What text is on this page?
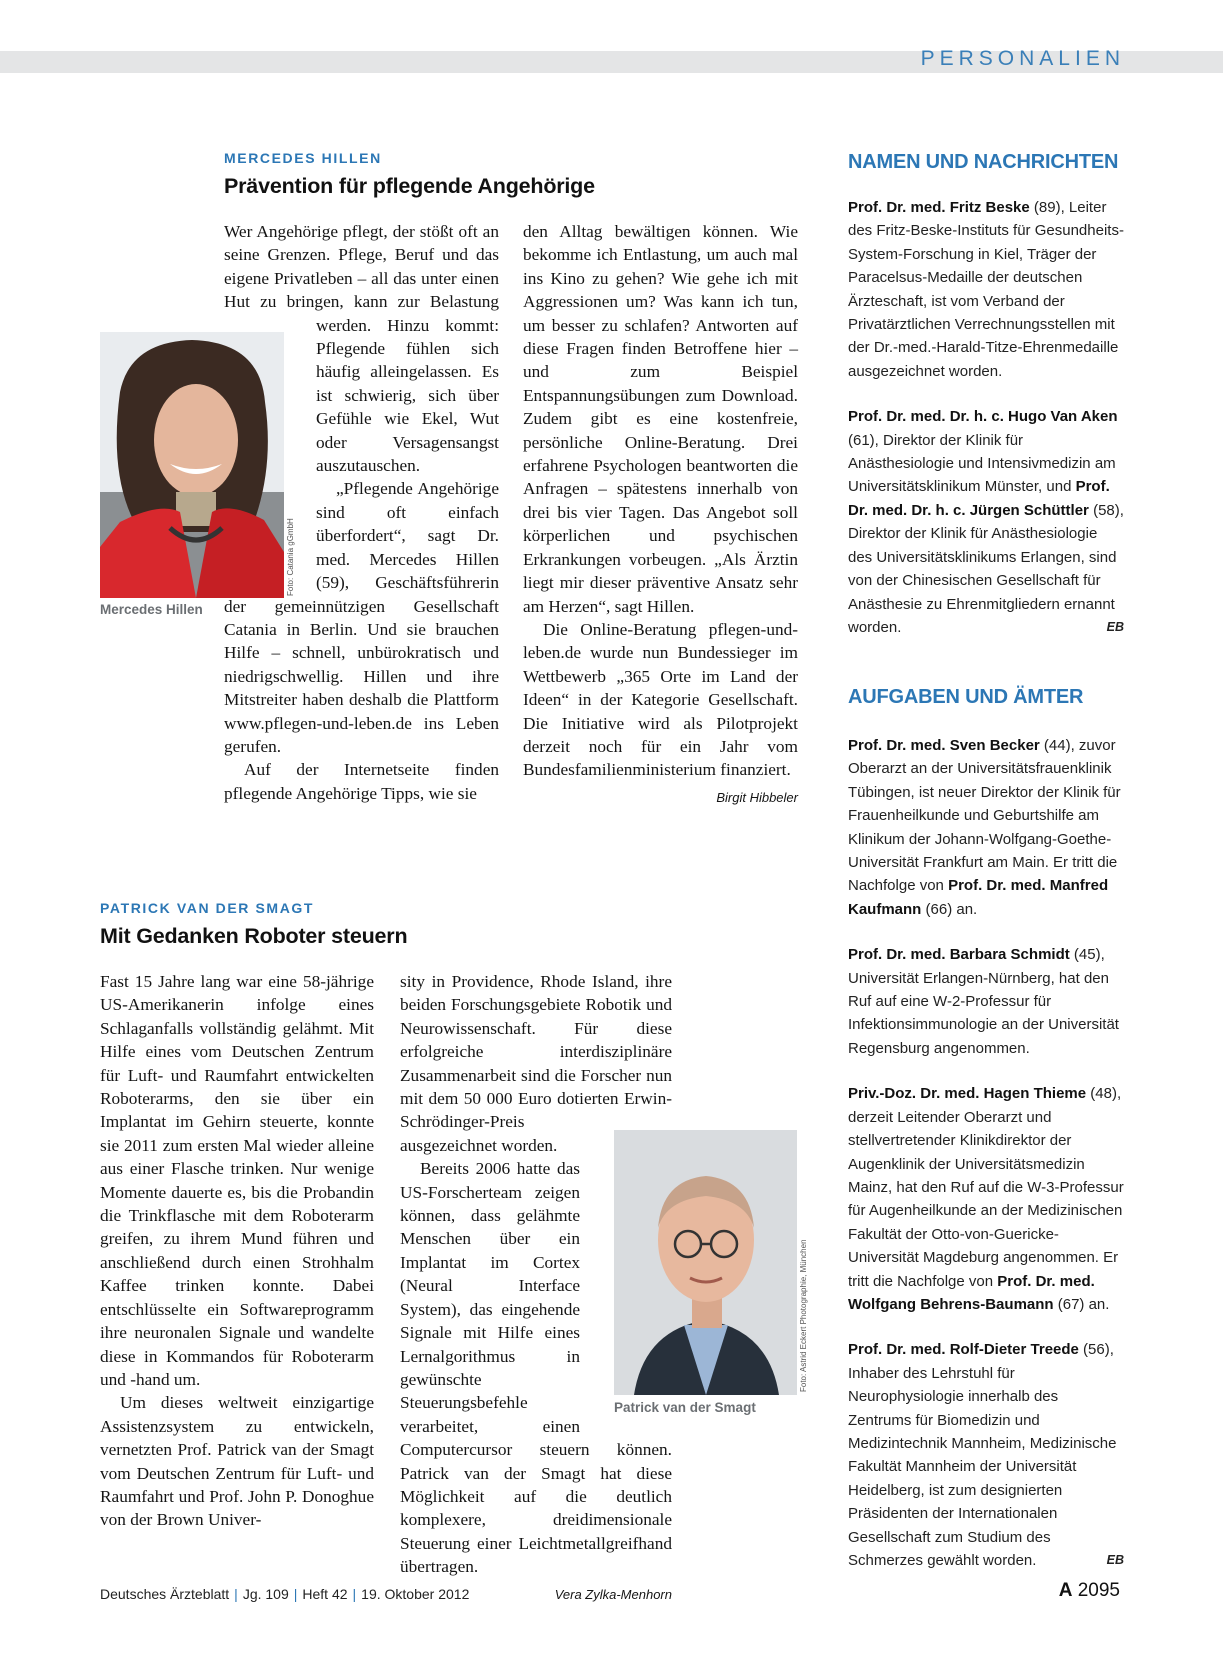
PERSONALIEN
MERCEDES HILLEN
Prävention für pflegende Angehörige
Foto: Catania gGmbH
Mercedes Hillen

Wer Angehörige pflegt, der stößt oft an seine Grenzen. Pflege, Beruf und das eigene Privatleben – all das unter einen Hut zu bringen, kann zur Belastung werden. Hinzu kommt: Pflegende fühlen sich häufig alleingelassen. Es ist schwierig, sich über Gefühle wie Ekel, Wut oder Versagensangst auszutauschen.

„Pflegende Angehörige sind oft einfach überfordert“, sagt Dr. med. Mercedes Hillen (59), Geschäftsführerin der gemeinnützigen Gesellschaft Catania in Berlin. Und sie brauchen Hilfe – schnell, unbürokratisch und niedrigschwellig. Hillen und ihre Mitstreiter haben deshalb die Plattform www.pflegen-und-leben.de ins Leben gerufen.

Auf der Internetseite finden pflegende Angehörige Tipps, wie sie

den Alltag bewältigen können. Wie bekomme ich Entlastung, um auch mal ins Kino zu gehen? Wie gehe ich mit Aggressionen um? Was kann ich tun, um besser zu schlafen? Antworten auf diese Fragen finden Betroffene hier – und zum Beispiel Entspannungsübungen zum Download. Zudem gibt es eine kostenfreie, persönliche Online-Beratung. Drei erfahrene Psychologen beantworten die Anfragen – spätestens innerhalb von drei bis vier Tagen. Das Angebot soll körperlichen und psychischen Erkrankungen vorbeugen. „Als Ärztin liegt mir dieser präventive Ansatz sehr am Herzen“, sagt Hillen.

Die Online-Beratung pflegen-und-leben.de wurde nun Bundessieger im Wettbewerb „365 Orte im Land der Ideen“ in der Kategorie Gesellschaft. Die Initiative wird als Pilotprojekt derzeit noch für ein Jahr vom Bundesfamilienministerium finanziert.

Birgit Hibbeler
PATRICK VAN DER SMAGT
Mit Gedanken Roboter steuern

Fast 15 Jahre lang war eine 58-jährige US-Amerikanerin infolge eines Schlaganfalls vollständig gelähmt. Mit Hilfe eines vom Deutschen Zentrum für Luft- und Raumfahrt entwickelten Roboterarms, den sie über ein Implantat im Gehirn steuerte, konnte sie 2011 zum ersten Mal wieder alleine aus einer Flasche trinken. Nur wenige Momente dauerte es, bis die Probandin die Trinkflasche mit dem Roboterarm greifen, zu ihrem Mund führen und anschließend durch einen Strohhalm Kaffee trinken konnte. Dabei entschlüsselte ein Softwareprogramm ihre neuronalen Signale und wandelte diese in Kommandos für Roboterarm und -hand um.

Um dieses weltweit einzigartige Assistenzsystem zu entwickeln, vernetzten Prof. Patrick van der Smagt vom Deutschen Zentrum für Luft- und Raumfahrt und Prof. John P. Donoghue von der Brown Univer-

Foto: Astrid Eckert Photographie, München
Patrick van der Smagt

sity in Providence, Rhode Island, ihre beiden Forschungsgebiete Robotik und Neurowissenschaft. Für diese erfolgreiche interdisziplinäre Zusammenarbeit sind die Forscher nun mit dem 50 000 Euro dotierten Erwin-Schrödinger-Preis ausgezeichnet worden.

Bereits 2006 hatte das US-Forscherteam zeigen können, dass gelähmte Menschen über ein Implantat im Cortex (Neural Interface System), das eingehende Signale mit Hilfe eines Lernalgorithmus in gewünschte Steuerungsbefehle verarbeitet, einen Computercursor steuern können. Patrick van der Smagt hat diese Möglichkeit auf die deutlich komplexere, dreidimensionale Steuerung einer Leichtmetallgreifhand übertragen.

Vera Zylka-Menhorn
NAMEN UND NACHRICHTEN

Prof. Dr. med. Fritz Beske (89), Leiter des Fritz-Beske-Instituts für Gesundheits-System-Forschung in Kiel, Träger der Paracelsus-Medaille der deutschen Ärzteschaft, ist vom Verband der Privatärztlichen Verrechnungsstellen mit der Dr.-med.-Harald-Titze-Ehrenmedaille ausgezeichnet worden.

Prof. Dr. med. Dr. h. c. Hugo Van Aken (61), Direktor der Klinik für Anästhesiologie und Intensivmedizin am Universitätsklinikum Münster, und Prof. Dr. med. Dr. h. c. Jürgen Schüttler (58), Direktor der Klinik für Anästhesiologie des Universitätsklinikums Erlangen, sind von der Chinesischen Gesellschaft für Anästhesie zu Ehrenmitgliedern ernannt worden.	EB

AUFGABEN UND ÄMTER

Prof. Dr. med. Sven Becker (44), zuvor Oberarzt an der Universitätsfrauenklinik Tübingen, ist neuer Direktor der Klinik für Frauenheilkunde und Geburtshilfe am Klinikum der Johann-Wolfgang-Goethe-Universität Frankfurt am Main. Er tritt die Nachfolge von Prof. Dr. med. Manfred Kaufmann (66) an.

Prof. Dr. med. Barbara Schmidt (45), Universität Erlangen-Nürnberg, hat den Ruf auf eine W-2-Professur für Infektionsimmunologie an der Universität Regensburg angenommen.

Priv.-Doz. Dr. med. Hagen Thieme (48), derzeit Leitender Oberarzt und stellvertretender Klinikdirektor der Augenklinik der Universitätsmedizin Mainz, hat den Ruf auf die W-3-Professur für Augenheilkunde an der Medizinischen Fakultät der Otto-von-Guericke-Universität Magdeburg angenommen. Er tritt die Nachfolge von Prof. Dr. med. Wolfgang Behrens-Baumann (67) an.

Prof. Dr. med. Rolf-Dieter Treede (56), Inhaber des Lehrstuhl für Neurophysiologie innerhalb des Zentrums für Biomedizin und Medizintechnik Mannheim, Medizinische Fakultät Mannheim der Universität Heidelberg, ist zum designierten Präsidenten der Internationalen Gesellschaft zum Studium des Schmerzes gewählt worden.	EB

Deutsches Ärzteblatt | Jg. 109 | Heft 42 | 19. Oktober 2012	A 2095
